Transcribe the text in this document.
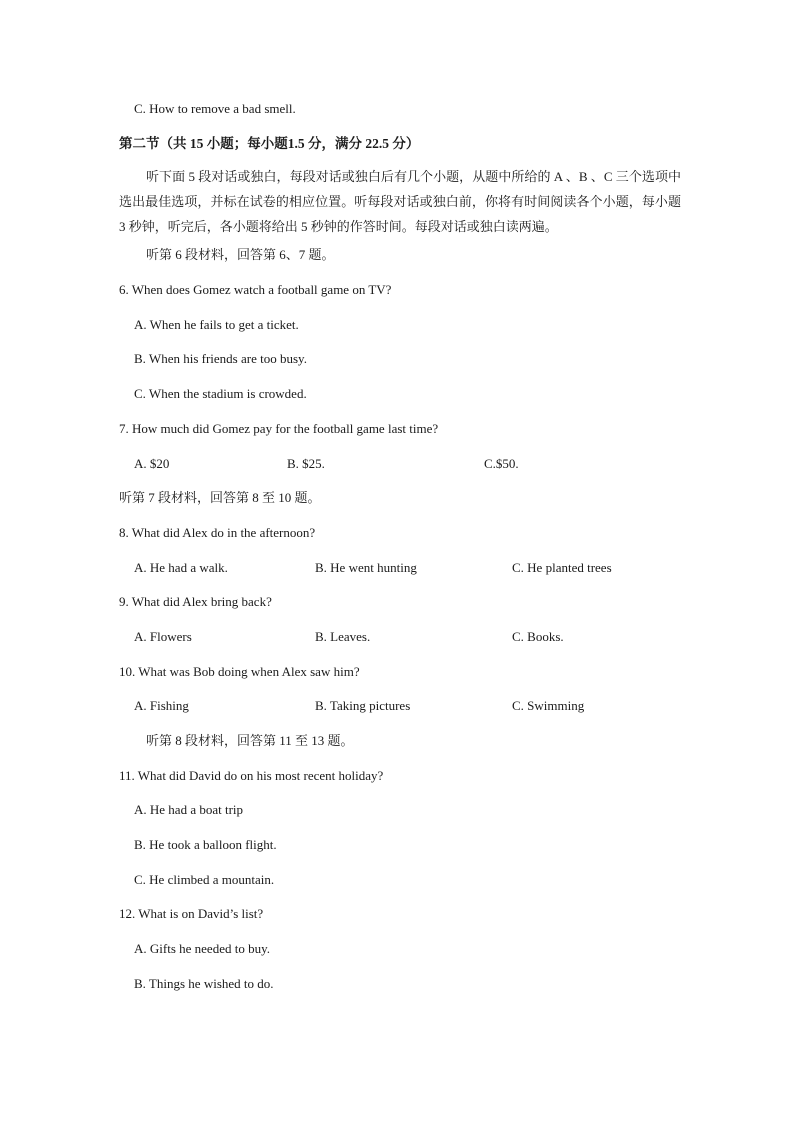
C. How to remove a bad smell.
第二节（共 15 小题；每小题1.5 分，满分 22.5 分）
听下面 5 段对话或独白，每段对话或独白后有几个小题，从题中所给的 A 、B 、C 三个选项中选出最佳选项，并标在试卷的相应位置。听每段对话或独白前，你将有时间阅读各个小题，每小题 3 秒钟，听完后，各小题将给出 5 秒钟的作答时间。每段对话或独白读两遍。
听第 6 段材料，回答第 6、7 题。
6. When does Gomez watch a football game on TV?
A. When he fails to get a ticket.
B. When his friends are too busy.
C. When the stadium is crowded.
7. How much did Gomez pay for the football game last time?
A. $20	B. $25.	C.$50.
听第 7 段材料，回答第 8 至 10 题。
8. What did Alex do in the afternoon?
A. He had a walk.	B. He went hunting	C. He planted trees
9. What did Alex bring back?
A. Flowers	B. Leaves.	C. Books.
10. What was Bob doing when Alex saw him?
A. Fishing	B. Taking pictures	C. Swimming
听第 8 段材料，回答第 11 至 13 题。
11. What did David do on his most recent holiday?
A. He had a boat trip
B. He took a balloon flight.
C. He climbed a mountain.
12. What is on David’s list?
A. Gifts he needed to buy.
B. Things he wished to do.
